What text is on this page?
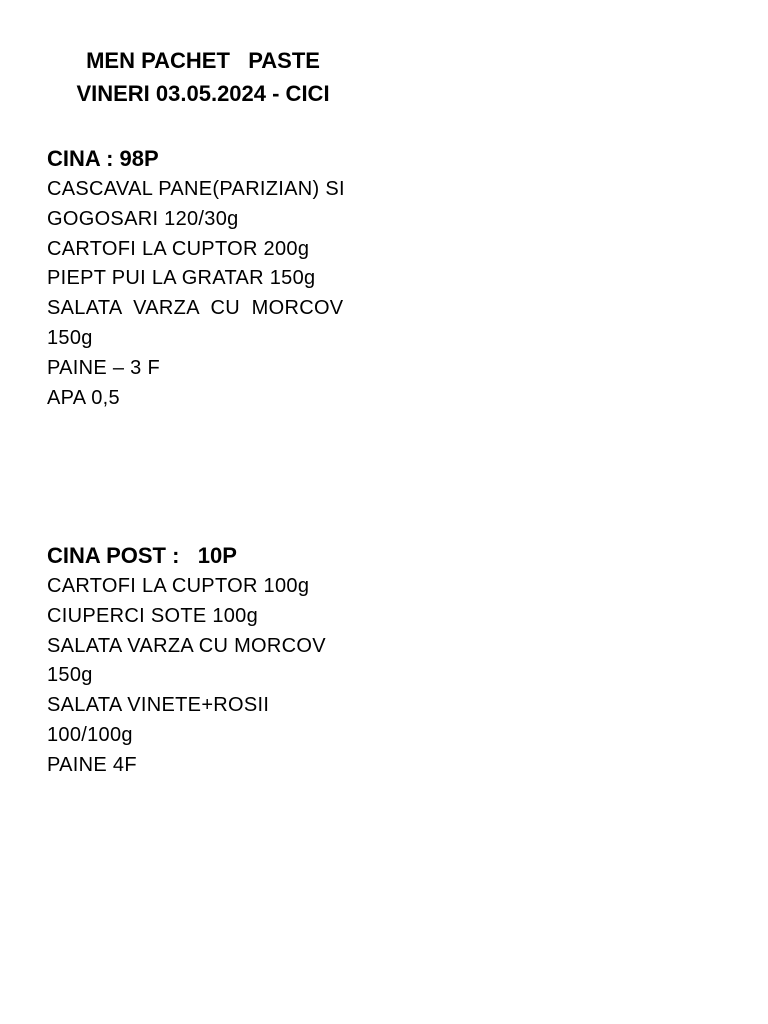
MEN PACHET   PASTE
VINERI 03.05.2024 - CICI
CINA : 98P
CASCAVAL PANE(PARIZIAN) SI
GOGOSARI 120/30g
CARTOFI LA CUPTOR 200g
PIEPT PUI LA GRATAR 150g
SALATA  VARZA  CU  MORCOV
150g
PAINE – 3 F
APA 0,5
CINA POST :   10P
CARTOFI LA CUPTOR 100g
CIUPERCI SOTE 100g
SALATA VARZA CU MORCOV
150g
SALATA VINETE+ROSII
100/100g
PAINE 4F
